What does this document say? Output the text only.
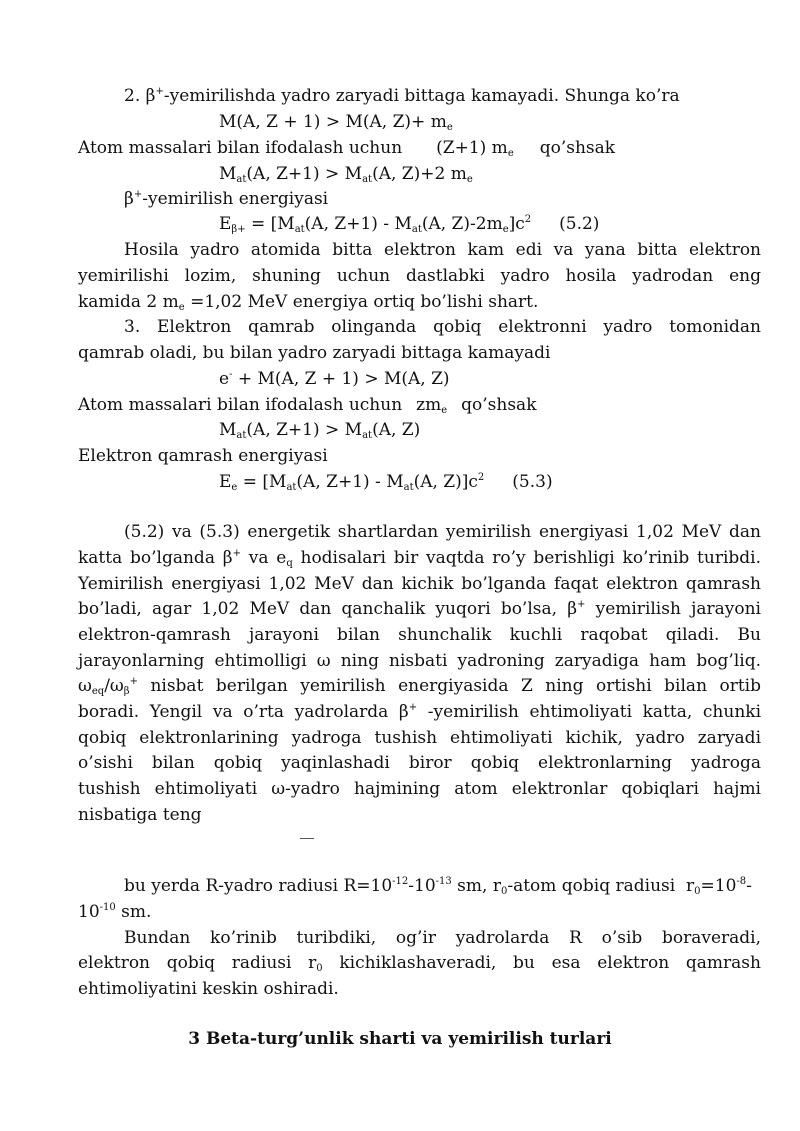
2. β+-yemirilishda yadro zaryadi bittaga kamayadi. Shunga ko’ra
M(A, Z + 1) > M(A, $Z)+ m_e$
Atom massalari bilan ifodalash uchun (Z+1) $m_e$ qo’shsak
$M_{at}(A$, $Z+1) > M_{at}(A$, Z)+2 $m_e$
β+-yemirilish energiyasi
$E_{\beta+} = [M_{at}(A$, $Z+1) - M_{at}(A$, $Z)-2m_e]c^2$ (5.2)
Hosila yadro atomida bitta elektron kam edi va yana bitta elektron
yemirilishi lozim, shuning uchun dastlabki yadro hosila yadrodan eng
kamida 2 $m_e =1,02$ MeV energiya ortiq bo’lishi shart.
3. Elektron qamrab olinganda qobiq elektronni yadro tomonidan
qamrab oladi, bu bilan yadro zaryadi bittaga kamayadi
e- + M(A, Z + 1) > M(A, Z)
Atom massalari bilan ifodalash uchun $zm_e$ qo’shsak
$M_{at}(A$, $Z+1) > M_{at}(A$, Z)
Elektron qamrash energiyasi
$E_e = [M_{at}(A$, $Z+1) - M_{at}(A$, $Z)]c^2$ (5.3)
(5.2) va (5.3) energetik shartlardan yemirilish energiyasi 1,02 MeV dan
katta bo’lganda β+ va $e_q$ hodisalari bir vaqtda ro’y berishligi ko’rinib turibdi.
Yemirilish energiyasi 1,02 MeV dan kichik bo’lganda faqat elektron qamrash
bo’ladi, agar 1,02 MeV dan qanchalik yuqori bo’lsa, β+ yemirilish jarayoni
elektron-qamrash jarayoni bilan shunchalik kuchli raqobat qiladi. Bu
jarayonlarning ehtimolligi ω ning nisbati yadroning zaryadiga ham bog’liq.
$\omega_{eq}/\omega_\beta^+$ nisbat berilgan yemirilish energiyasida Z ning ortishi bilan ortib
boradi. Yengil va o’rta yadrolarda β+ -yemirilish ehtimoliyati katta, chunki
qobiq elektronlarining yadroga tushish ehtimoliyati kichik, yadro zaryadi
o’sishi bilan qobiq yaqinlashadi biror qobiq elektronlarning yadroga
tushish ehtimoliyati ω-yadro hajmining atom elektronlar qobiqlari hajmi
nisbatiga teng
bu yerda R-yadro radiusi $R=10^{-12}-10^{-13}$ sm, $r_0$-atom qobiq radiusi  $r_0=10^{-8}-$
$10^{-10}$ sm.
Bundan ko’rinib turibdiki, og’ir yadrolarda R o’sib boraveradi,
elektron qobiq radiusi $r_0$ kichiklashaveradi, bu esa elektron qamrash
ehtimoliyatini keskin oshiradi.
3 Beta-turg’unlik sharti va yemirilish turlari
